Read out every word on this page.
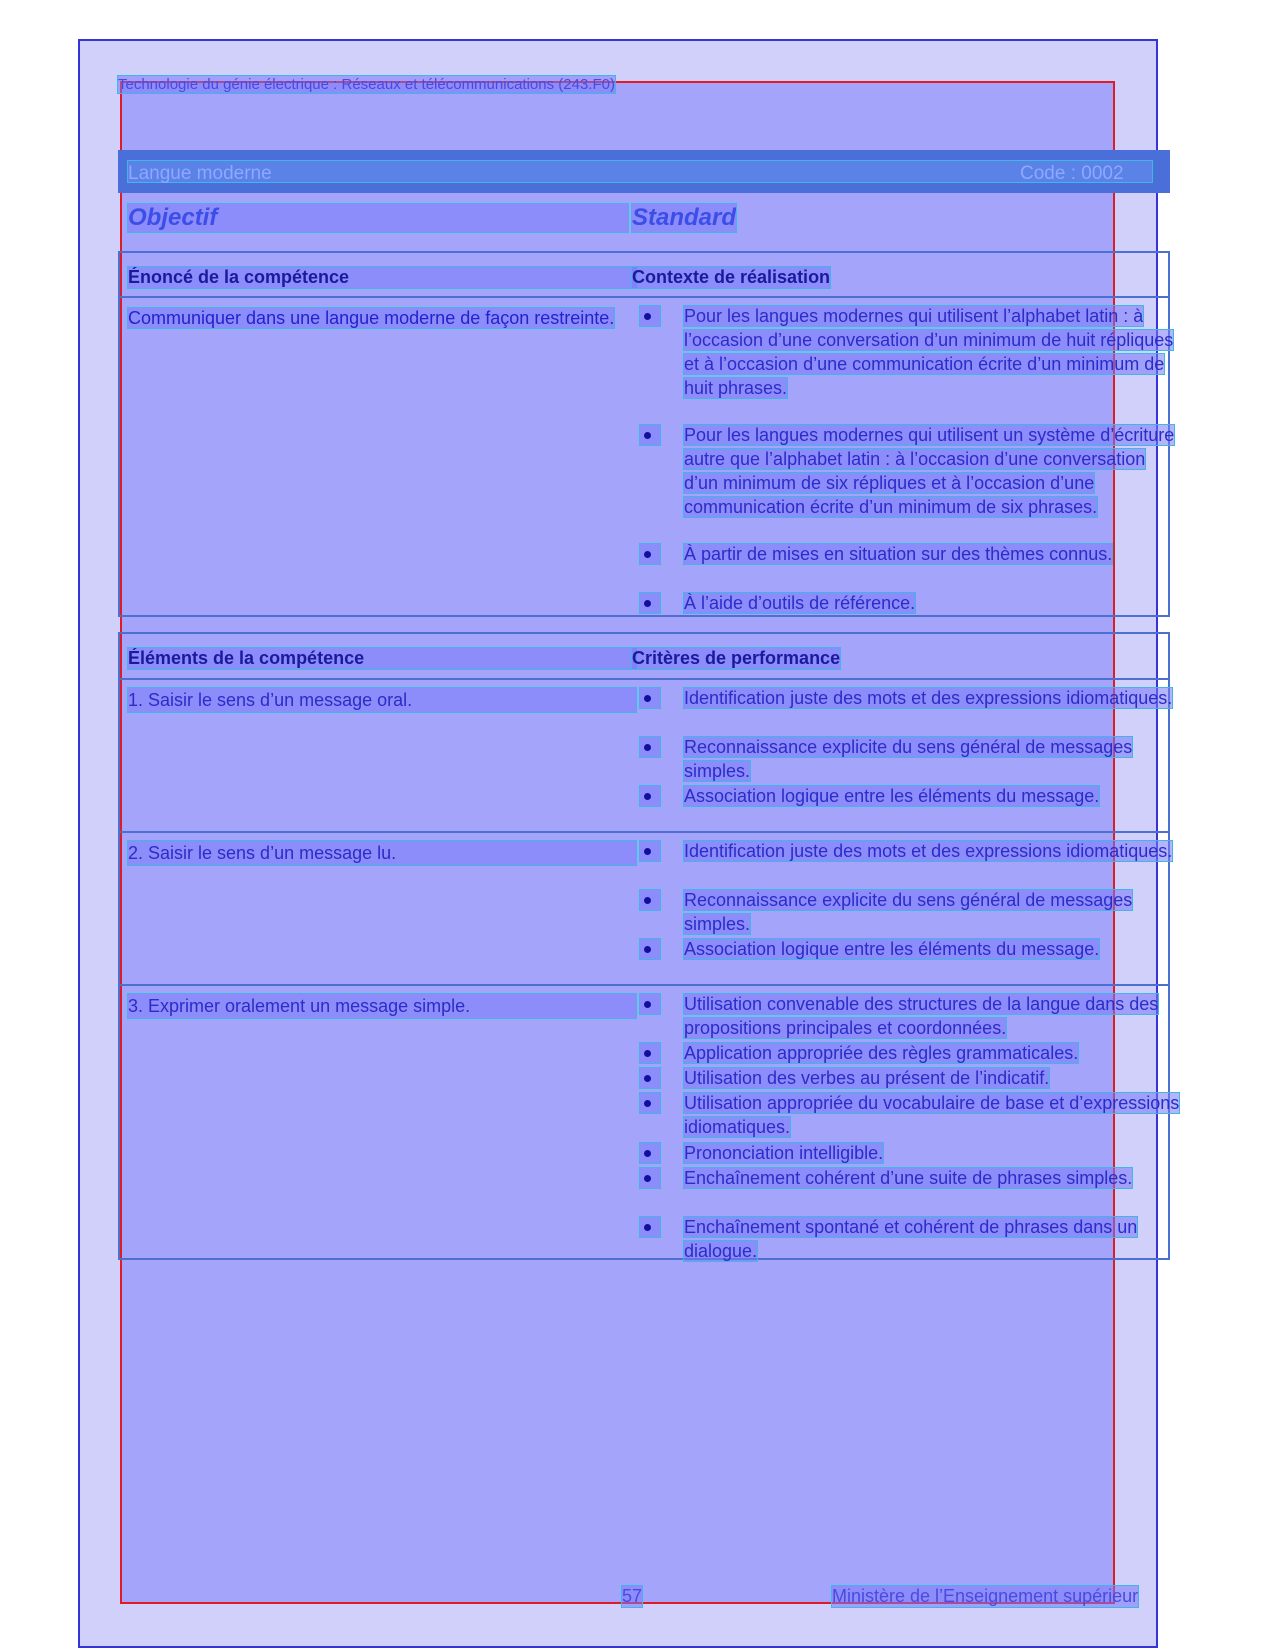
Technologie du génie électrique : Réseaux et télécommunications (243.F0)
Langue moderne	Code : 0002
Objectif	Standard
Énoncé de la compétence	Contexte de réalisation
Communiquer dans une langue moderne de façon restreinte.	Pour les langues modernes qui utilisent l’alphabet latin : à l’occasion d’une conversation d’un minimum de huit répliques et à l’occasion d’une communication écrite d’un minimum de huit phrases.
Pour les langues modernes qui utilisent un système d’écriture autre que l’alphabet latin : à l’occasion d’une conversation d’un minimum de six répliques et à l’occasion d’une communication écrite d’un minimum de six phrases.
À partir de mises en situation sur des thèmes connus.
À l’aide d’outils de référence.
Éléments de la compétence	Critères de performance
1. Saisir le sens d’un message oral.	Identification juste des mots et des expressions idiomatiques.
Reconnaissance explicite du sens général de messages simples.
Association logique entre les éléments du message.
2. Saisir le sens d’un message lu.	Identification juste des mots et des expressions idiomatiques.
Reconnaissance explicite du sens général de messages simples.
Association logique entre les éléments du message.
3. Exprimer oralement un message simple.	Utilisation convenable des structures de la langue dans des propositions principales et coordonnées.
Application appropriée des règles grammaticales.
Utilisation des verbes au présent de l’indicatif.
Utilisation appropriée du vocabulaire de base et d’expressions idiomatiques.
Prononciation intelligible.
Enchaînement cohérent d’une suite de phrases simples.
Enchaînement spontané et cohérent de phrases dans un dialogue.
57	Ministère de l’Enseignement supérieur
